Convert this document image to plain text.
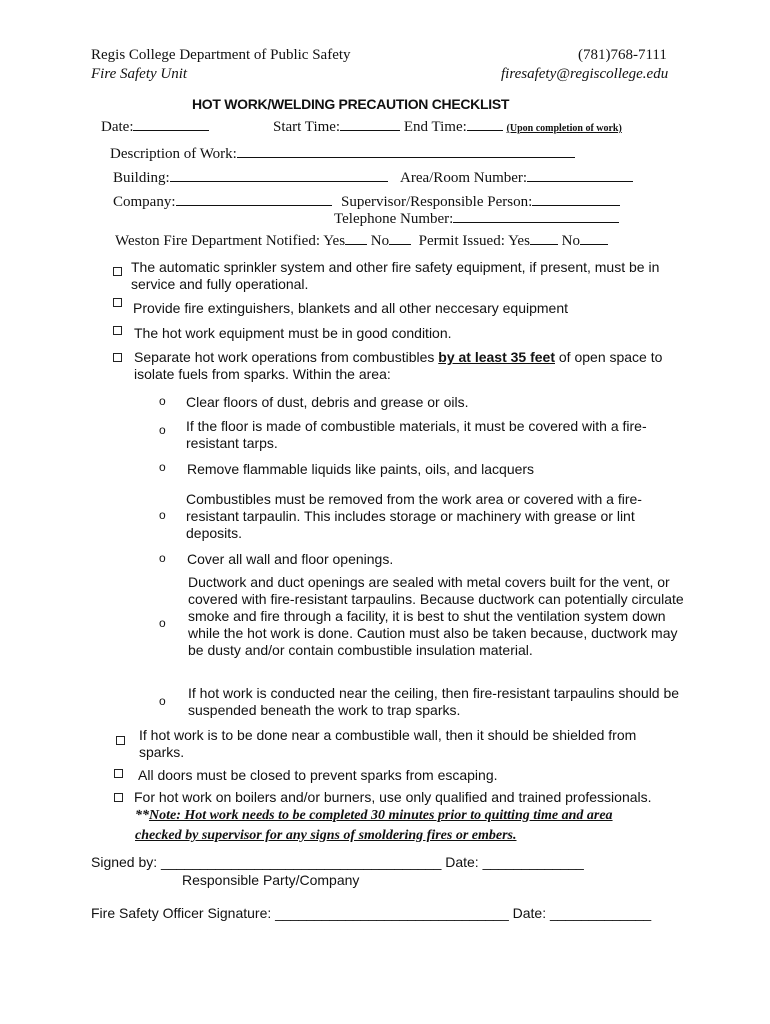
Regis College Department of Public Safety
Fire Safety Unit
(781)768-7111
firesafety@regiscollege.edu
HOT WORK/WELDING PRECAUTION CHECKLIST
Date:	Start Time:	End Time:	(Upon completion of work)
Description of Work:
Building:	Area/Room Number:
Company:	Supervisor/Responsible Person:
Telephone Number:
Weston Fire Department Notified: Yes No Permit Issued: Yes No
The automatic sprinkler system and other fire safety equipment, if present, must be in service and fully operational.
Provide fire extinguishers, blankets and all other neccesary equipment
The hot work equipment must be in good condition.
Separate hot work operations from combustibles by at least 35 feet of open space to isolate fuels from sparks. Within the area:
o Clear floors of dust, debris and grease or oils.
o If the floor is made of combustible materials, it must be covered with a fire-resistant tarps.
o Remove flammable liquids like paints, oils, and lacquers
o
Combustibles must be removed from the work area or covered with a fire-resistant tarpaulin. This includes storage or machinery with grease or lint deposits.
o Cover all wall and floor openings.
o
Ductwork and duct openings are sealed with metal covers built for the vent, or covered with fire-resistant tarpaulins. Because ductwork can potentially circulate smoke and fire through a facility, it is best to shut the ventilation system down while the hot work is done. Caution must also be taken because, ductwork may be dusty and/or contain combustible insulation material.
o If hot work is conducted near the ceiling, then fire-resistant tarpaulins should be suspended beneath the work to trap sparks.
If hot work is to be done near a combustible wall, then it should be shielded from sparks.
All doors must be closed to prevent sparks from escaping.
For hot work on boilers and/or burners, use only qualified and trained professionals.
**Note: Hot work needs to be completed 30 minutes prior to quitting time and area checked by supervisor for any signs of smoldering fires or embers.
Signed by: ____________________________________ Date: _____________
Responsible Party/Company
Fire Safety Officer Signature: ______________________________ Date: _____________
